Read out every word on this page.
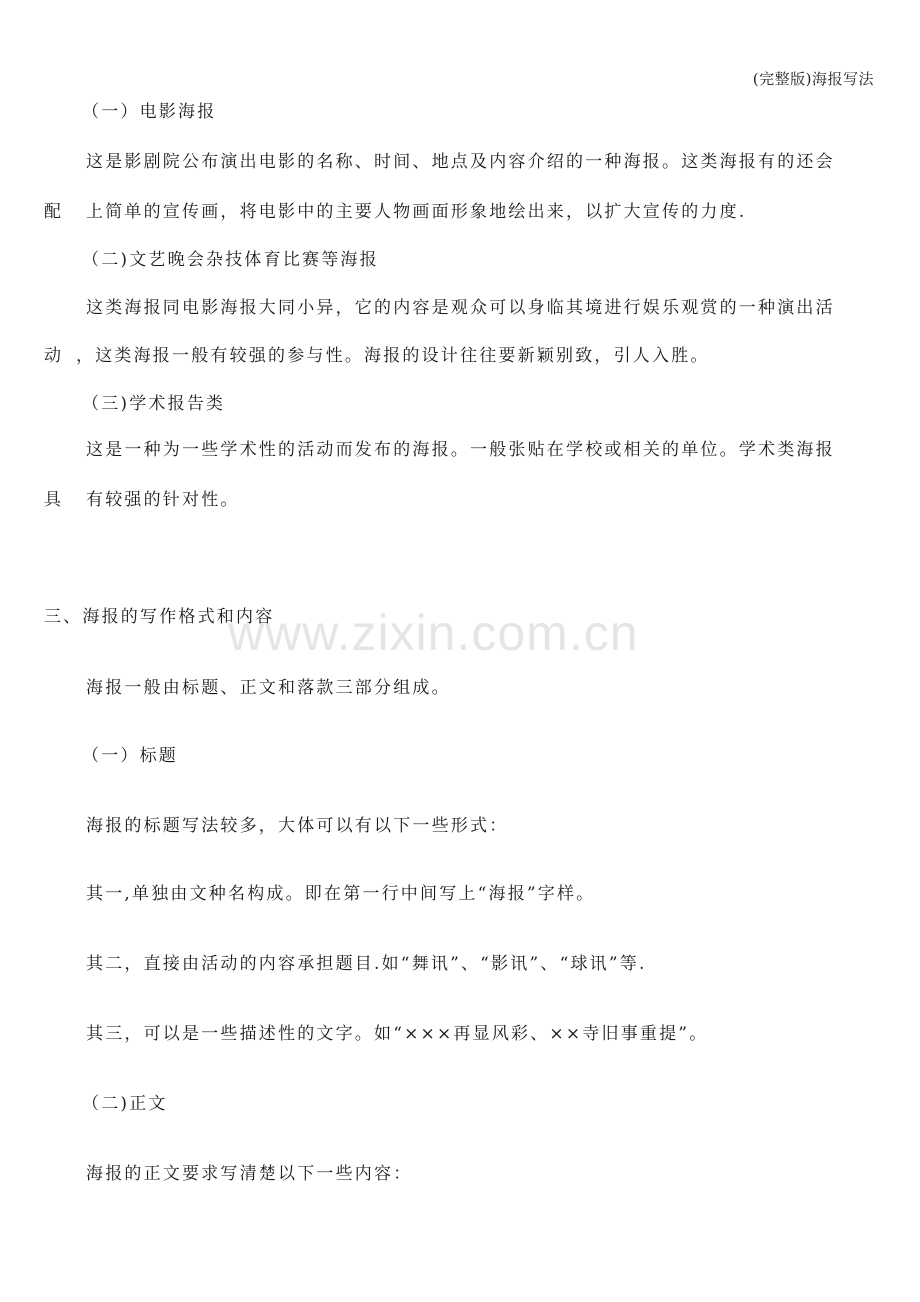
(完整版)海报写法
（一）电影海报
这是影剧院公布演出电影的名称、时间、地点及内容介绍的一种海报。这类海报有的还会
配 上简单的宣传画，将电影中的主要人物画面形象地绘出来，以扩大宣传的力度.
（二)文艺晚会杂技体育比赛等海报
这类海报同电影海报大同小异，它的内容是观众可以身临其境进行娱乐观赏的一种演出活
动 ，这类海报一般有较强的参与性。海报的设计往往要新颖别致，引人入胜。
（三)学术报告类
这是一种为一些学术性的活动而发布的海报。一般张贴在学校或相关的单位。学术类海报
具 有较强的针对性。
三、海报的写作格式和内容
海报一般由标题、正文和落款三部分组成。
（一）标题
海报的标题写法较多，大体可以有以下一些形式：
其一,单独由文种名构成。即在第一行中间写上“海报”字样。
其二，直接由活动的内容承担题目.如“舞讯”、“影讯”、“球讯”等.
其三，可以是一些描述性的文字。如“×××再显风彩、××寺旧事重提”。
（二)正文
海报的正文要求写清楚以下一些内容：
www.zixin.com.cn
